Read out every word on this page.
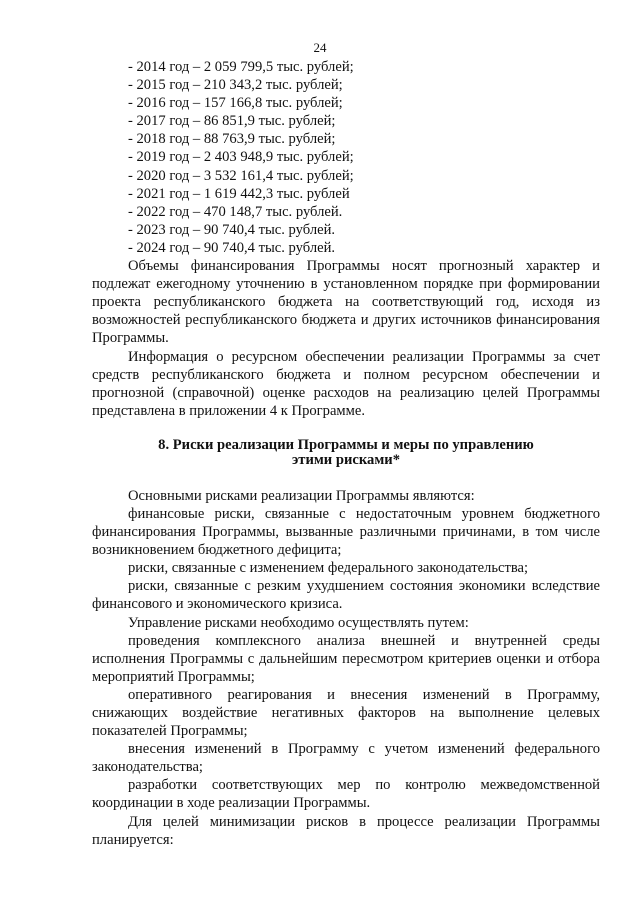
24
- 2014 год – 2 059 799,5 тыс. рублей;
- 2015 год – 210 343,2 тыс. рублей;
- 2016 год – 157 166,8 тыс. рублей;
- 2017 год – 86 851,9 тыс. рублей;
- 2018 год – 88 763,9 тыс. рублей;
- 2019 год – 2 403 948,9 тыс. рублей;
- 2020 год – 3 532 161,4 тыс. рублей;
- 2021 год – 1 619 442,3 тыс. рублей
- 2022 год – 470 148,7 тыс. рублей.
- 2023 год – 90 740,4 тыс. рублей.
- 2024 год – 90 740,4 тыс. рублей.

Объемы финансирования Программы носят прогнозный характер и подлежат ежегодному уточнению в установленном порядке при формировании проекта республиканского бюджета на соответствующий год, исходя из возможностей республиканского бюджета и других источников финансирования Программы.

Информация о ресурсном обеспечении реализации Программы за счет средств республиканского бюджета и полном ресурсном обеспечении и прогнозной (справочной) оценке расходов на реализацию целей Программы представлена в приложении 4 к Программе.

8. Риски реализации Программы и меры по управлению
этими рисками*

Основными рисками реализации Программы являются:

финансовые риски, связанные с недостаточным уровнем бюджетного финансирования Программы, вызванные различными причинами, в том числе возникновением бюджетного дефицита;

риски, связанные с изменением федерального законодательства;

риски, связанные с резким ухудшением состояния экономики вследствие финансового и экономического кризиса.

Управление рисками необходимо осуществлять путем:

проведения комплексного анализа внешней и внутренней среды исполнения Программы с дальнейшим пересмотром критериев оценки и отбора мероприятий Программы;

оперативного реагирования и внесения изменений в Программу, снижающих воздействие негативных факторов на выполнение целевых показателей Программы;

внесения изменений в Программу с учетом изменений федерального законодательства;

разработки соответствующих мер по контролю межведомственной координации в ходе реализации Программы.

Для целей минимизации рисков в процессе реализации Программы планируется:
